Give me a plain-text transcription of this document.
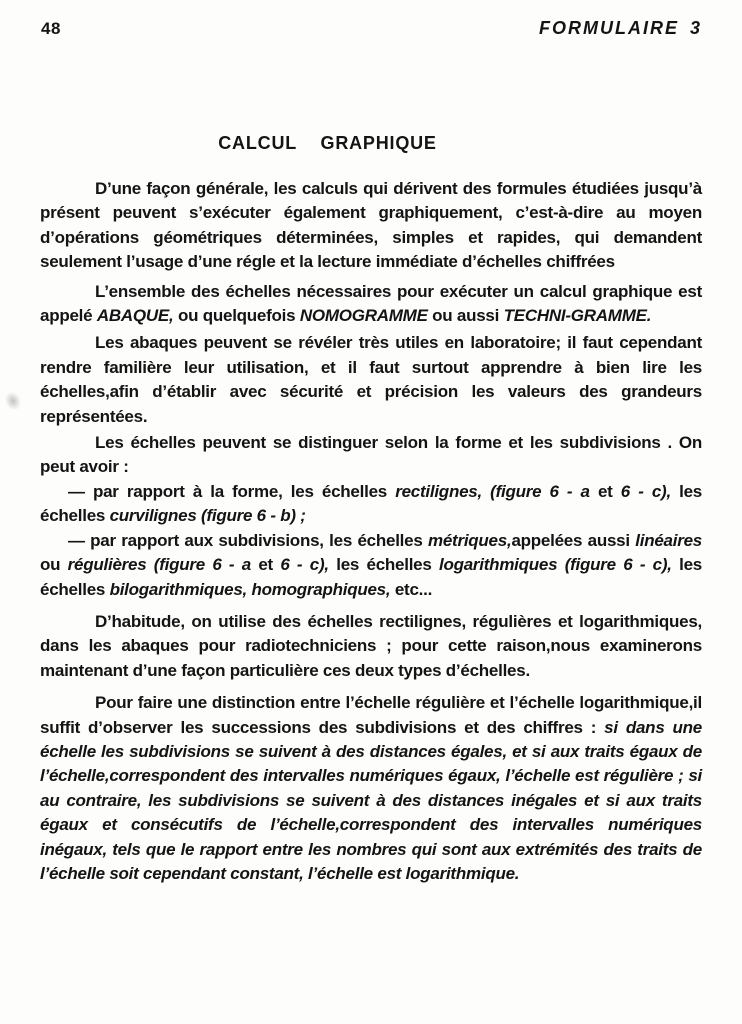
48	FORMULAIRE 3
CALCUL GRAPHIQUE

D’une façon générale, les calculs qui dérivent des formules étudiées jusqu’à présent peuvent s’exécuter également graphiquement, c’est-à-dire au moyen d’opérations géométriques déterminées, simples et rapides, qui demandent seulement l’usage d’une régle et la lecture immédiate d’échelles chiffrées

L’ensemble des échelles nécessaires pour exécuter un calcul graphique est appelé ABAQUE, ou quelquefois NOMOGRAMME ou aussi TECHNI-GRAMME.

Les abaques peuvent se révéler très utiles en laboratoire; il faut cependant rendre familière leur utilisation, et il faut surtout apprendre à bien lire les échelles,afin d’établir avec sécurité et précision les valeurs des grandeurs représentées.

Les échelles peuvent se distinguer selon la forme et les subdivisions . On peut avoir :

— par rapport à la forme, les échelles rectilignes, (figure 6 - a et 6 - c), les échelles curvilignes (figure 6 - b) ;

— par rapport aux subdivisions, les échelles métriques,appelées aussi linéaires ou régulières (figure 6 - a et 6 - c), les échelles logarithmiques (figure 6 - c), les échelles bilogarithmiques, homographiques, etc...

D’habitude, on utilise des échelles rectilignes, régulières et logarithmiques, dans les abaques pour radiotechniciens ; pour cette raison,nous examinerons maintenant d’une façon particulière ces deux types d’échelles.

Pour faire une distinction entre l’échelle régulière et l’échelle logarithmique,il suffit d’observer les successions des subdivisions et des chiffres : si dans une échelle les subdivisions se suivent à des distances égales, et si aux traits égaux de l’échelle,correspondent des intervalles numériques égaux, l’échelle est régulière ; si au contraire, les subdivisions se suivent à des distances inégales et si aux traits égaux et consécutifs de l’échelle,correspondent des intervalles numériques inégaux, tels que le rapport entre les nombres qui sont aux extrémités des traits de l’échelle soit cependant constant, l’échelle est logarithmique.
